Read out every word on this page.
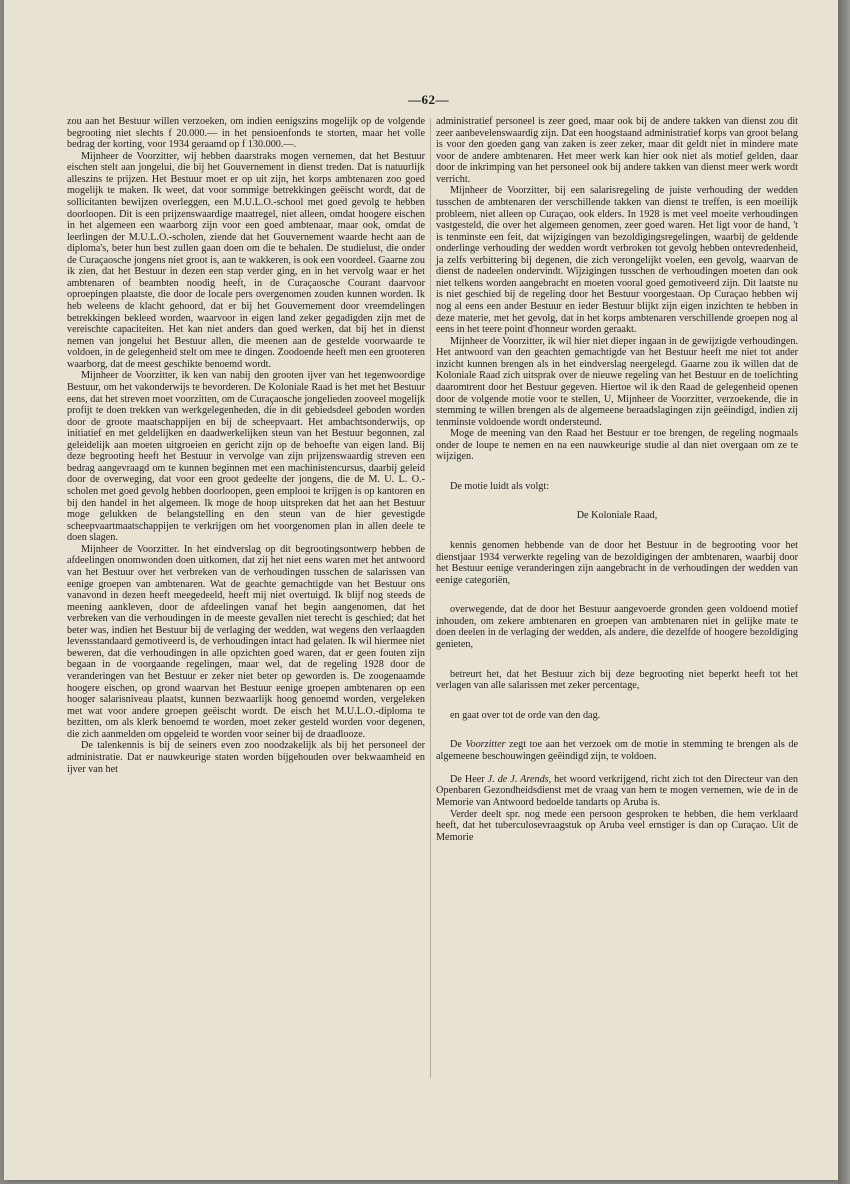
—62—

zou aan het Bestuur willen verzoeken, om indien eenigszins mogelijk op de volgende begrooting niet slechts f 20.000.— in het pensioenfonds te storten, maar het volle bedrag der korting, voor 1934 geraamd op f 130.000.—.

Mijnheer de Voorzitter, wij hebben daarstraks mogen vernemen, dat het Bestuur eischen stelt aan jongelui, die bij het Gouvernement in dienst treden. Dat is natuurlijk alleszins te prijzen. Het Bestuur moet er op uit zijn, het korps ambtenaren zoo goed mogelijk te maken. Ik weet, dat voor sommige betrekkingen geëischt wordt, dat de sollicitanten bewijzen overleggen, een M.U.L.O.-school met goed gevolg te hebben doorloopen. Dit is een prijzenswaardige maatregel, niet alleen, omdat hoogere eischen in het algemeen een waarborg zijn voor een goed ambtenaar, maar ook, omdat de leerlingen der M.U.L.O.-scholen, ziende dat het Gouvernement waarde hecht aan de diploma's, beter hun best zullen gaan doen om die te behalen. De studielust, die onder de Curaçaosche jongens niet groot is, aan te wakkeren, is ook een voordeel. Gaarne zou ik zien, dat het Bestuur in dezen een stap verder ging, en in het vervolg waar er het ambtenaren of beambten noodig heeft, in de Curaçaosche Courant daarvoor oproepingen plaatste, die door de locale pers overgenomen zouden kunnen worden. Ik heb weleens de klacht gehoord, dat er bij het Gouvernement door vreemdelingen betrekkingen bekleed worden, waarvoor in eigen land zeker gegadigden zijn met de vereischte capaciteiten. Het kan niet anders dan goed werken, dat bij het in dienst nemen van jongelui het Bestuur allen, die meenen aan de gestelde voorwaarde te voldoen, in de gelegenheid stelt om mee te dingen. Zoodoende heeft men een grooteren waarborg, dat de meest geschikte benoemd wordt.

Mijnheer de Voorzitter, ik ken van nabij den grooten ijver van het tegenwoordige Bestuur, om het vakonderwijs te bevorderen. De Koloniale Raad is het met het Bestuur eens, dat het streven moet voorzitten, om de Curaçaosche jongelieden zooveel mogelijk profijt te doen trekken van werkgelegenheden, die in dit gebiedsdeel geboden worden door de groote maatschappijen en bij de scheepvaart. Het ambachtsonderwijs, op initiatief en met geldelijken en daadwerkelijken steun van het Bestuur begonnen, zal geleidelijk aan moeten uitgroeien en gericht zijn op de behoefte van eigen land. Bij deze begrooting heeft het Bestuur in vervolge van zijn prijzenswaardig streven een bedrag aangevraagd om te kunnen beginnen met een machinistencursus, daarbij geleid door de overweging, dat voor een groot gedeelte der jongens, die de M. U. L. O.-scholen met goed gevolg hebben doorloopen, geen emplooi te krijgen is op kantoren en bij den handel in het algemeen. Ik moge de hoop uitspreken dat het aan het Bestuur moge gelukken de belangstelling en den steun van de hier gevestigde scheepvaartmaatschappijen te verkrijgen om het voorgenomen plan in allen deele te doen slagen.

Mijnheer de Voorzitter. In het eindverslag op dit begrootingsontwerp hebben de afdeelingen onomwonden doen uitkomen, dat zij het niet eens waren met het antwoord van het Bestuur over het verbreken van de verhoudingen tusschen de salarissen van eenige groepen van ambtenaren. Wat de geachte gemachtigde van het Bestuur ons vanavond in dezen heeft meegedeeld, heeft mij niet overtuigd. Ik blijf nog steeds de meening aankleven, door de afdeelingen vanaf het begin aangenomen, dat het verbreken van die verhoudingen in de meeste gevallen niet terecht is geschied; dat het beter was, indien het Bestuur bij de verlaging der wedden, wat wegens den verlaagden levensstandaard gemotiveerd is, de verhoudingen intact had gelaten. Ik wil hiermee niet beweren, dat die verhoudingen in alle opzichten goed waren, dat er geen fouten zijn begaan in de voorgaande regelingen, maar wel, dat de regeling 1928 door de veranderingen van het Bestuur er zeker niet beter op geworden is. De zoogenaamde hoogere eischen, op grond waarvan het Bestuur eenige groepen ambtenaren op een hooger salarisniveau plaatst, kunnen bezwaarlijk hoog genoemd worden, vergeleken met wat voor andere groepen geëischt wordt. De eisch het M.U.L.O.-diploma te bezitten, om als klerk benoemd te worden, moet zeker gesteld worden voor degenen, die zich aanmelden om opgeleid te worden voor seiner bij de draadlooze.

De talenkennis is bij de seiners even zoo noodzakelijk als bij het personeel der administratie. Dat er nauwkeurige staten worden bijgehouden over bekwaamheid en ijver van het

administratief personeel is zeer goed, maar ook bij de andere takken van dienst zou dit zeer aanbevelenswaardig zijn. Dat een hoogstaand administratief korps van groot belang is voor den goeden gang van zaken is zeer zeker, maar dit geldt niet in mindere mate voor de andere ambtenaren. Het meer werk kan hier ook niet als motief gelden, daar door de inkrimping van het personeel ook bij andere takken van dienst meer werk wordt verricht.

Mijnheer de Voorzitter, bij een salarisregeling de juiste verhouding der wedden tusschen de ambtenaren der verschillende takken van dienst te treffen, is een moeilijk probleem, niet alleen op Curaçao, ook elders. In 1928 is met veel moeite verhoudingen vastgesteld, die over het algemeen genomen, zeer goed waren. Het ligt voor de hand, 't is tenminste een feit, dat wijzigingen van bezoldigingsregelingen, waarbij de geldende onderlinge verhouding der wedden wordt verbroken tot gevolg hebben ontevredenheid, ja zelfs verbittering bij degenen, die zich verongelijkt voelen, een gevolg, waarvan de dienst de nadeelen ondervindt. Wijzigingen tusschen de verhoudingen moeten dan ook niet telkens worden aangebracht en moeten vooral goed gemotiveerd zijn. Dit laatste nu is niet geschied bij de regeling door het Bestuur voorgestaan. Op Curaçao hebben wij nog al eens een ander Bestuur en ieder Bestuur blijkt zijn eigen inzichten te hebben in deze materie, met het gevolg, dat in het korps ambtenaren verschillende groepen nog al eens in het teere point d'honneur worden geraakt.

Mijnheer de Voorzitter, ik wil hier niet dieper ingaan in de gewijzigde verhoudingen. Het antwoord van den geachten gemachtigde van het Bestuur heeft me niet tot ander inzicht kunnen brengen als in het eindverslag neergelegd. Gaarne zou ik willen dat de Koloniale Raad zich uitsprak over de nieuwe regeling van het Bestuur en de toelichting daaromtrent door het Bestuur gegeven. Hiertoe wil ik den Raad de gelegenheid openen door de volgende motie voor te stellen, U, Mijnheer de Voorzitter, verzoekende, die in stemming te willen brengen als de algemeene beraadslagingen zijn geëindigd, indien zij tenminste voldoende wordt ondersteund.

Moge de meening van den Raad het Bestuur er toe brengen, de regeling nogmaals onder de loupe te nemen en na een nauwkeurige studie al dan niet overgaan om ze te wijzigen.

De motie luidt als volgt:

De Koloniale Raad,

kennis genomen hebbende van de door het Bestuur in de begrooting voor het dienstjaar 1934 verwerkte regeling van de bezoldigingen der ambtenaren, waarbij door het Bestuur eenige veranderingen zijn aangebracht in de verhoudingen der wedden van eenige categoriën,

overwegende, dat de door het Bestuur aangevoerde gronden geen voldoend motief inhouden, om zekere ambtenaren en groepen van ambtenaren niet in gelijke mate te doen deelen in de verlaging der wedden, als andere, die dezelfde of hoogere bezoldiging genieten,

betreurt het, dat het Bestuur zich bij deze begrooting niet beperkt heeft tot het verlagen van alle salarissen met zeker percentage,

en gaat over tot de orde van den dag.

De Voorzitter zegt toe aan het verzoek om de motie in stemming te brengen als de algemeene beschouwingen geëindigd zijn, te voldoen.

De Heer J. de J. Arends, het woord verkrijgend, richt zich tot den Directeur van den Openbaren Gezondheidsdienst met de vraag van hem te mogen vernemen, wie de in de Memorie van Antwoord bedoelde tandarts op Aruba is.

Verder deelt spr. nog mede een persoon gesproken te hebben, die hem verklaard heeft, dat het tuberculosevraagstuk op Aruba veel ernstiger is dan op Curaçao. Uit de Memorie
